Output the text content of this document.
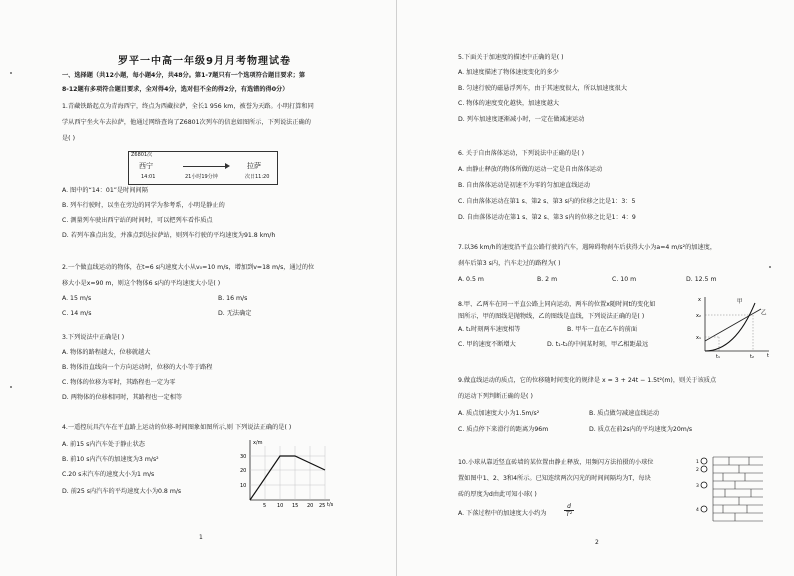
罗平一中高一年级9月月考物理试卷
一、选择题（共12小题，每小题4分，共48分。第1-7题只有一个选项符合题目要求；第
8-12题有多项符合题目要求，全对得4分，选对但不全的得2分，有选错的得0分）
1.青藏铁路起点为青海西宁，终点为西藏拉萨，全长1 956 km，被誉为天路。小明打算和同
学从西宁坐火车去拉萨，他通过网络查询了Z6801次列车的信息如图所示，下列说法正确的
是( )
Z6801次
西宁
14:01	21小时19分钟
拉萨
次日11:20
A. 图中的“14：01”是时间间隔
B. 列车行驶时，以坐在旁边的同学为参考系，小明是静止的
C. 测量列车驶出西宁站的时间时，可以把列车看作质点
D. 若列车准点出发，并准点到达拉萨站，则列车行驶的平均速度为91.8 km/h
2.一个做直线运动的物体，在t=6 s内速度大小从v₀=10 m/s，增加到v=18 m/s，通过的位
移大小是x=90 m，则这个物体6 s内的平均速度大小是( )
A. 15 m/s	B. 16 m/s
C. 14 m/s	D. 无法确定
3.下列说法中正确是( )
A. 物体的路程越大，位移就越大
B. 物体沿直线向一个方向运动时，位移的大小等于路程
C. 物体的位移为零时，其路程也一定为零
D. 两物体的位移相同时，其路程也一定相等
4.一遥控玩具汽车在平直路上运动的位移-时间图象如图所示,则 下列说法正确的是( )
A. 前15 s内汽车处于静止状态
B. 前10 s内汽车的加速度为3 m/s²
C.20 s末汽车的速度大小为1 m/s
D. 前25 s内汽车的平均速度大小为0.8 m/s
x/m
t/s
30
20
10
5 10 15 20 25
1
5.下面关于加速度的描述中正确的是( )
A. 加速度描述了物体速度变化的多少
B. 匀速行驶的磁悬浮列车，由于其速度很大，所以加速度很大
C. 物体的速度变化越快，加速度越大
D. 列车加速度逐渐减小时，一定在做减速运动
6. 关于自由落体运动，下列说法中正确的是( )
A. 由静止释放的物体所做的运动一定是自由落体运动
B. 自由落体运动是初速不为零的匀加速直线运动
C. 自由落体运动在第1 s、第2 s、第3 s内的位移之比是1：3：5
D. 自由落体运动在第1 s、第2 s、第3 s内的位移之比是1：4：9
7.以36 km/h的速度沿平直公路行驶的汽车，遇障碍物刹车后获得大小为a=4 m/s²的加速度，
刹车后第3 s内，汽车走过的路程为( )
A. 0.5 m	B. 2 m	C. 10 m	D. 12.5 m
8.甲、乙两车在同一平直公路上同向运动，两车的位置x随时间t的变化如
图所示，甲的图线是抛物线，乙的图线是直线，下列说法正确的是( )
A. t₁时刻两车速度相等	B. 甲车一直在乙车的前面
C. 甲的速度不断增大	D. t₁-t₂的中间某时刻，甲乙相距最远
甲
乙
x₂
x₁
t₁	t₂	t
x
9.做直线运动的质点，它的位移随时间变化的规律是 x = 3 + 24t − 1.5t²(m)，则关于该质点
的运动下列判断正确的是( )
A. 质点加速度大小为1.5m/s²	B. 质点做匀减速直线运动
C. 质点停下来滑行的距离为96m	D. 质点在前2s内的平均速度为20m/s
10.小球从靠近竖直砖墙的某位置由静止释放，用频闪方法拍摄的小球位
置如图中1、2、3和4所示。已知连续两次闪光的时间间隔均为T，每块
砖的厚度为d由此可知小球( )
A. 下落过程中的加速度大小约为
d
T²
1
2
3
4
2
